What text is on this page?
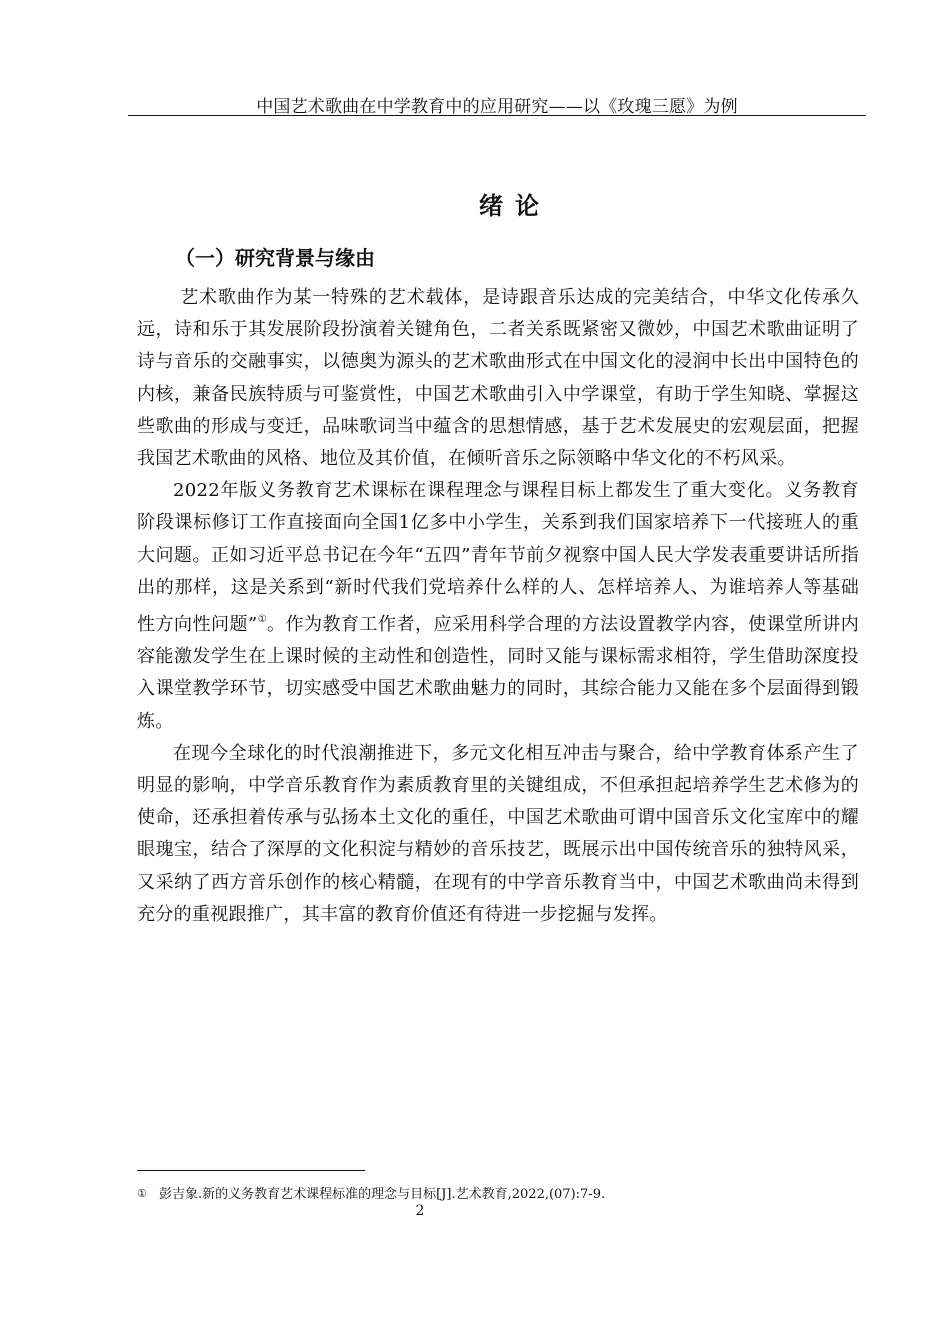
中国艺术歌曲在中学教育中的应用研究——以《玫瑰三愿》为例
绪论
（一）研究背景与缘由

艺术歌曲作为某一特殊的艺术载体，是诗跟音乐达成的完美结合，中华文化传承久远，诗和乐于其发展阶段扮演着关键角色，二者关系既紧密又微妙，中国艺术歌曲证明了诗与音乐的交融事实，以德奥为源头的艺术歌曲形式在中国文化的浸润中长出中国特色的内核，兼备民族特质与可鉴赏性，中国艺术歌曲引入中学课堂，有助于学生知晓、掌握这些歌曲的形成与变迁，品味歌词当中蕴含的思想情感，基于艺术发展史的宏观层面，把握我国艺术歌曲的风格、地位及其价值，在倾听音乐之际领略中华文化的不朽风采。

2022年版义务教育艺术课标在课程理念与课程目标上都发生了重大变化。义务教育阶段课标修订工作直接面向全国1亿多中小学生，关系到我们国家培养下一代接班人的重大问题。正如习近平总书记在今年“五四”青年节前夕视察中国人民大学发表重要讲话所指出的那样，这是关系到“新时代我们党培养什么样的人、怎样培养人、为谁培养人等基础性方向性问题”①。作为教育工作者，应采用科学合理的方法设置教学内容，使课堂所讲内容能激发学生在上课时候的主动性和创造性，同时又能与课标需求相符，学生借助深度投入课堂教学环节，切实感受中国艺术歌曲魅力的同时，其综合能力又能在多个层面得到锻炼。

在现今全球化的时代浪潮推进下，多元文化相互冲击与聚合，给中学教育体系产生了明显的影响，中学音乐教育作为素质教育里的关键组成，不但承担起培养学生艺术修为的使命，还承担着传承与弘扬本土文化的重任，中国艺术歌曲可谓中国音乐文化宝库中的耀眼瑰宝，结合了深厚的文化积淀与精妙的音乐技艺，既展示出中国传统音乐的独特风采，又采纳了西方音乐创作的核心精髓，在现有的中学音乐教育当中，中国艺术歌曲尚未得到充分的重视跟推广，其丰富的教育价值还有待进一步挖掘与发挥。

① 彭吉象.新的义务教育艺术课程标准的理念与目标[J].艺术教育,2022,(07):7-9.
2
